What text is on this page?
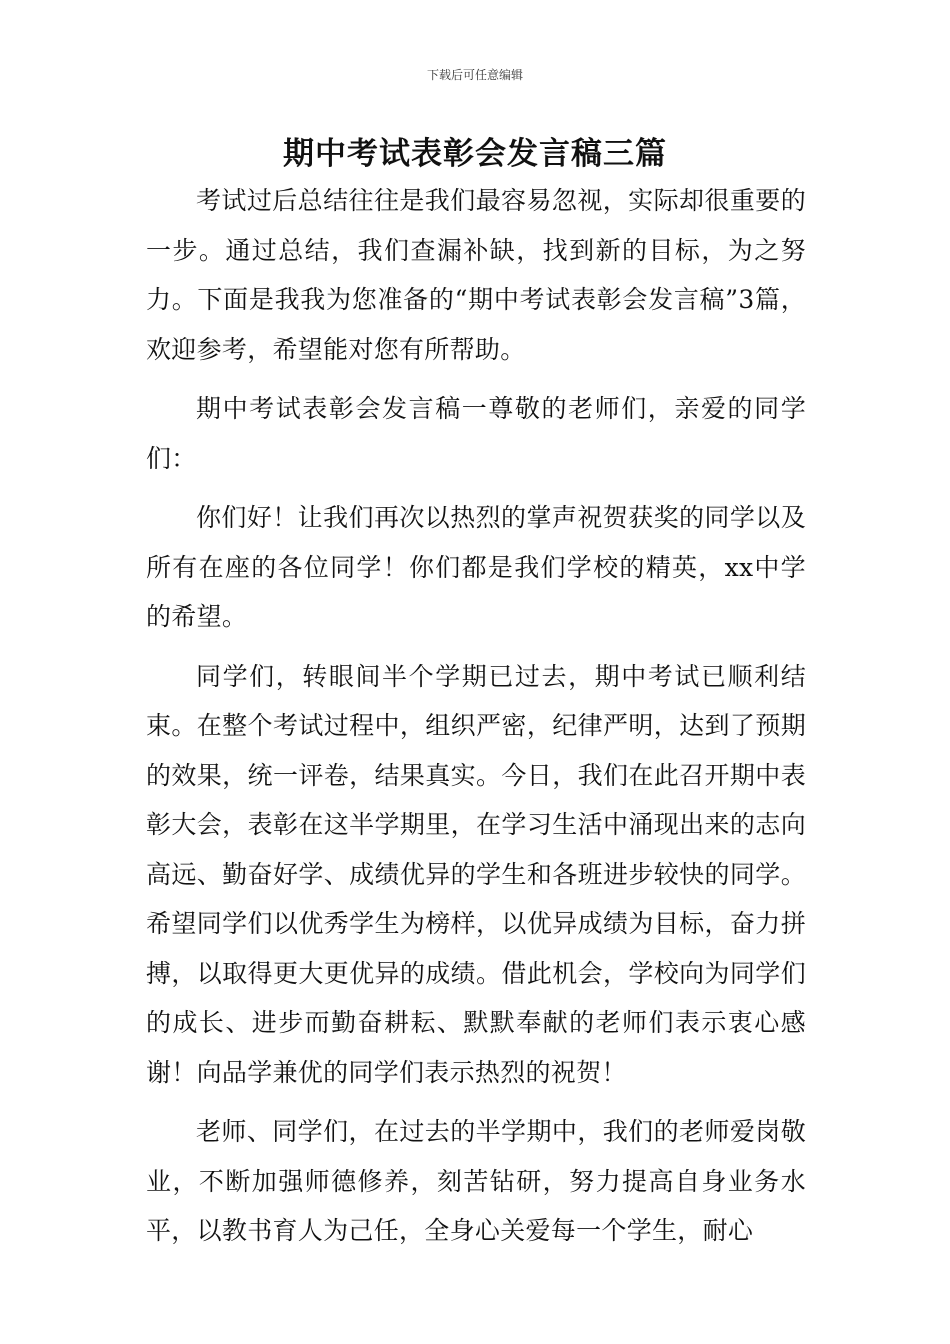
下载后可任意编辑
期中考试表彰会发言稿三篇

考试过后总结往往是我们最容易忽视，实际却很重要的一步。通过总结，我们查漏补缺，找到新的目标，为之努力。下面是我我为您准备的“期中考试表彰会发言稿”3篇，欢迎参考，希望能对您有所帮助。

期中考试表彰会发言稿一尊敬的老师们，亲爱的同学们：

你们好！让我们再次以热烈的掌声祝贺获奖的同学以及所有在座的各位同学！你们都是我们学校的精英，xx中学的希望。

同学们，转眼间半个学期已过去，期中考试已顺利结束。在整个考试过程中，组织严密，纪律严明，达到了预期的效果，统一评卷，结果真实。今日，我们在此召开期中表彰大会，表彰在这半学期里，在学习生活中涌现出来的志向高远、勤奋好学、成绩优异的学生和各班进步较快的同学。希望同学们以优秀学生为榜样，以优异成绩为目标，奋力拼搏，以取得更大更优异的成绩。借此机会，学校向为同学们的成长、进步而勤奋耕耘、默默奉献的老师们表示衷心感谢！向品学兼优的同学们表示热烈的祝贺！

老师、同学们，在过去的半学期中，我们的老师爱岗敬业，不断加强师德修养，刻苦钻研，努力提高自身业务水平，以教书育人为己任，全身心关爱每一个学生，耐心
